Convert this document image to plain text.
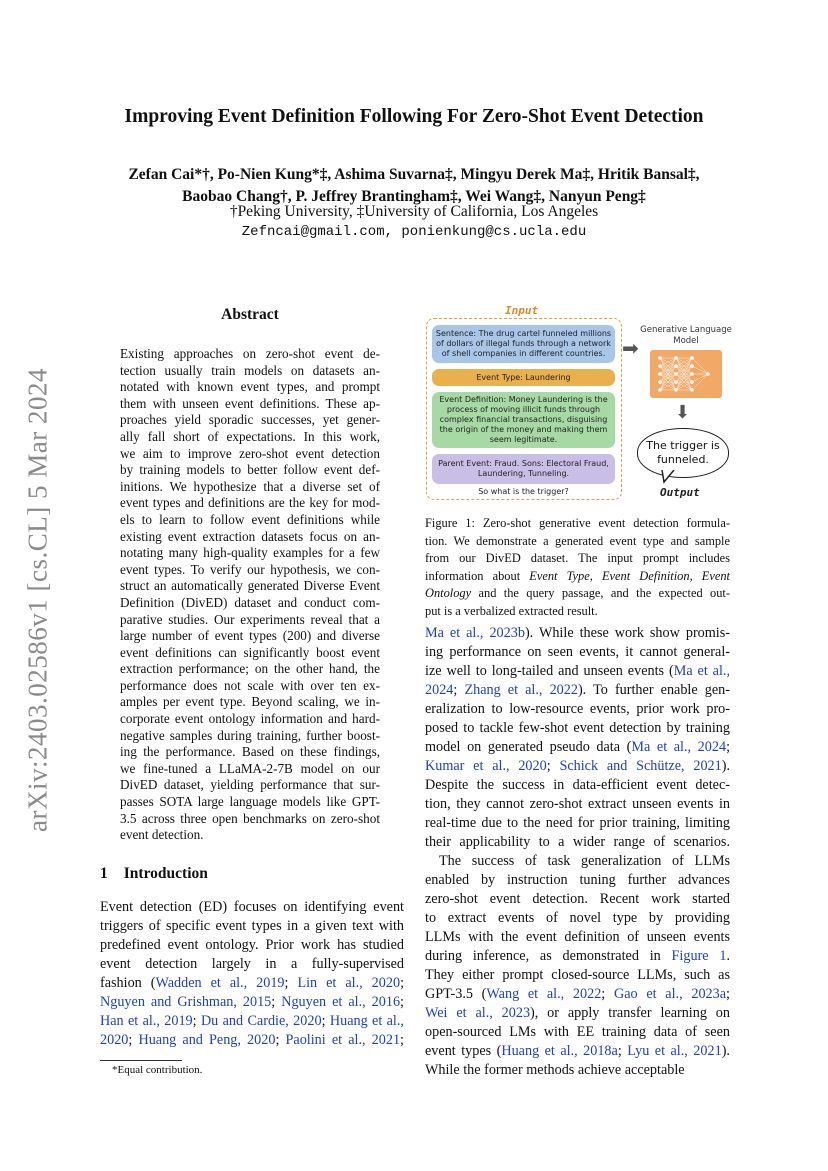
arXiv:2403.02586v1 [cs.CL] 5 Mar 2024
Improving Event Definition Following For Zero-Shot Event Detection
Zefan Cai*†, Po-Nien Kung*‡, Ashima Suvarna‡, Mingyu Derek Ma‡, Hritik Bansal‡,
Baobao Chang†, P. Jeffrey Brantingham‡, Wei Wang‡, Nanyun Peng‡
†Peking University, ‡University of California, Los Angeles
Zefncai@gmail.com, ponienkung@cs.ucla.edu
Abstract
Existing approaches on zero-shot event de-
tection usually train models on datasets an-
notated with known event types, and prompt
them with unseen event definitions. These ap-
proaches yield sporadic successes, yet gener-
ally fall short of expectations. In this work,
we aim to improve zero-shot event detection
by training models to better follow event def-
initions. We hypothesize that a diverse set of
event types and definitions are the key for mod-
els to learn to follow event definitions while
existing event extraction datasets focus on an-
notating many high-quality examples for a few
event types. To verify our hypothesis, we con-
struct an automatically generated Diverse Event
Definition (DivED) dataset and conduct com-
parative studies. Our experiments reveal that a
large number of event types (200) and diverse
event definitions can significantly boost event
extraction performance; on the other hand, the
performance does not scale with over ten ex-
amples per event type. Beyond scaling, we in-
corporate event ontology information and hard-
negative samples during training, further boost-
ing the performance. Based on these findings,
we fine-tuned a LLaMA-2-7B model on our
DivED dataset, yielding performance that sur-
passes SOTA large language models like GPT-
3.5 across three open benchmarks on zero-shot
event detection.
1 Introduction
Event detection (ED) focuses on identifying event
triggers of specific event types in a given text with
predefined event ontology. Prior work has studied
event detection largely in a fully-supervised
fashion (Wadden et al., 2019; Lin et al., 2020;
Nguyen and Grishman, 2015; Nguyen et al., 2016;
Han et al., 2019; Du and Cardie, 2020; Huang et al.,
2020; Huang and Peng, 2020; Paolini et al., 2021;
*Equal contribution.
Input
Sentence: The drug cartel funneled millions of dollars of illegal funds through a network of shell companies in different countries.
Event Type: Laundering
Event Definition: Money Laundering is the process of moving illicit funds through complex financial transactions, disguising the origin of the money and making them seem legitimate.
Parent Event: Fraud. Sons: Electoral Fraud, Laundering, Tunneling.
So what is the trigger?
➡
Generative Language Model
⬇
The trigger is funneled.
Output
Figure 1: Zero-shot generative event detection formula-
tion. We demonstrate a generated event type and sample
from our DivED dataset. The input prompt includes
information about Event Type, Event Definition, Event
Ontology and the query passage, and the expected out-
put is a verbalized extracted result.
Ma et al., 2023b). While these work show promis-
ing performance on seen events, it cannot general-
ize well to long-tailed and unseen events (Ma et al.,
2024; Zhang et al., 2022). To further enable gen-
eralization to low-resource events, prior work pro-
posed to tackle few-shot event detection by training
model on generated pseudo data (Ma et al., 2024;
Kumar et al., 2020; Schick and Schütze, 2021).
Despite the success in data-efficient event detec-
tion, they cannot zero-shot extract unseen events in
real-time due to the need for prior training, limiting
their applicability to a wider range of scenarios.
The success of task generalization of LLMs
enabled by instruction tuning further advances
zero-shot event detection. Recent work started
to extract events of novel type by providing
LLMs with the event definition of unseen events
during inference, as demonstrated in Figure 1.
They either prompt closed-source LLMs, such as
GPT-3.5 (Wang et al., 2022; Gao et al., 2023a;
Wei et al., 2023), or apply transfer learning on
open-sourced LMs with EE training data of seen
event types (Huang et al., 2018a; Lyu et al., 2021).
While the former methods achieve acceptable
